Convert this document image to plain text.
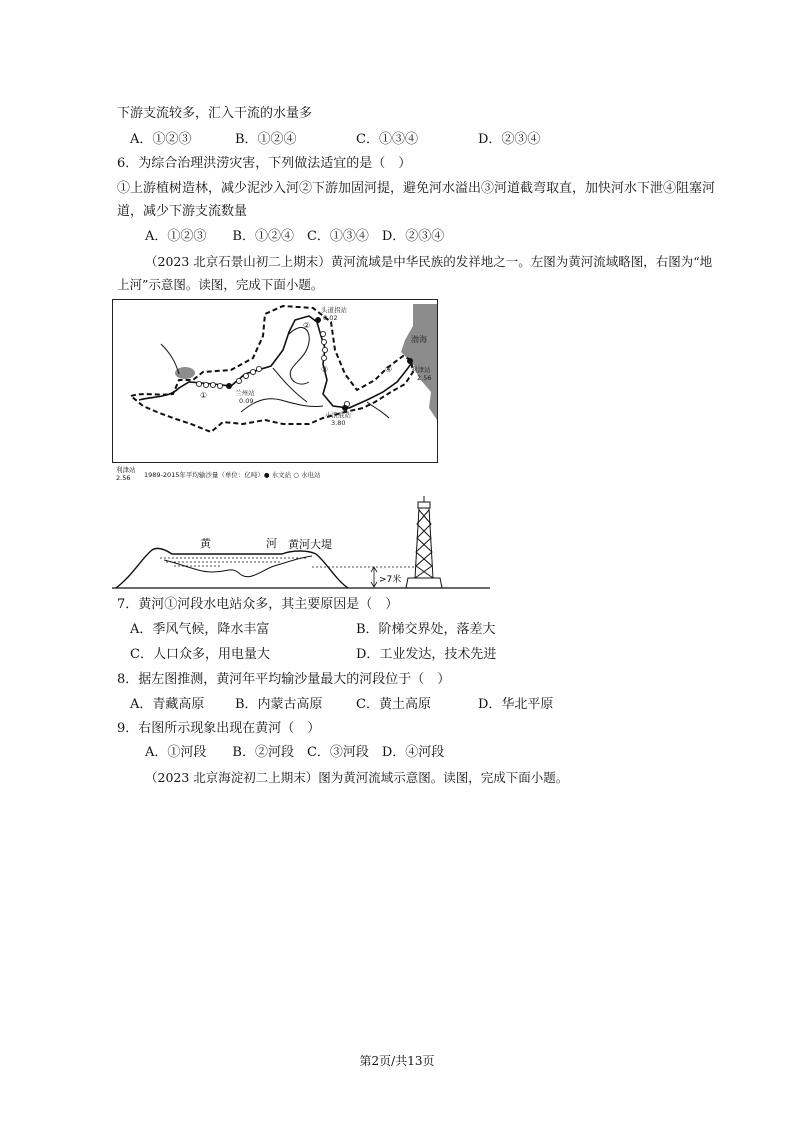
下游支流较多，汇入干流的水量多
A．①②③	B．①②④	C．①③④	D．②③④
6．为综合治理洪涝灾害，下列做法适宜的是（　）
①上游植树造林，减少泥沙入河②下游加固河提，避免河水溢出③河道截弯取直，加快河水下泄④阻塞河
道，减少下游支流数量
A．①②③　　B．①②④　C．①③④　D．②③④
（2023 北京石景山初二上期末）黄河流域是中华民族的发祥地之一。左图为黄河流域略图，右图为“地
上河”示意图。读图，完成下面小题。
头道拐站
0.02
兰州站
0.09
小浪底站
3.80
利津站
2.56
渤海
①
②
③	④
利津站
2.56 1989-2015年平均输沙量（单位：亿吨）● 水文站 ○ 水电站
>7米
黄	河 黄河大堤
7．黄河①河段水电站众多，其主要原因是（　）
A．季风气候，降水丰富	B．阶梯交界处，落差大
C．人口众多，用电量大	D．工业发达，技术先进
8．据左图推测，黄河年平均输沙量最大的河段位于（　）
A．青藏高原 B．内蒙古高原	C．黄土高原	D．华北平原
9．右图所示现象出现在黄河（　）
A．①河段　　B．②河段　C．③河段　D．④河段
（2023 北京海淀初二上期末）图为黄河流域示意图。读图，完成下面小题。
第2页/共13页
